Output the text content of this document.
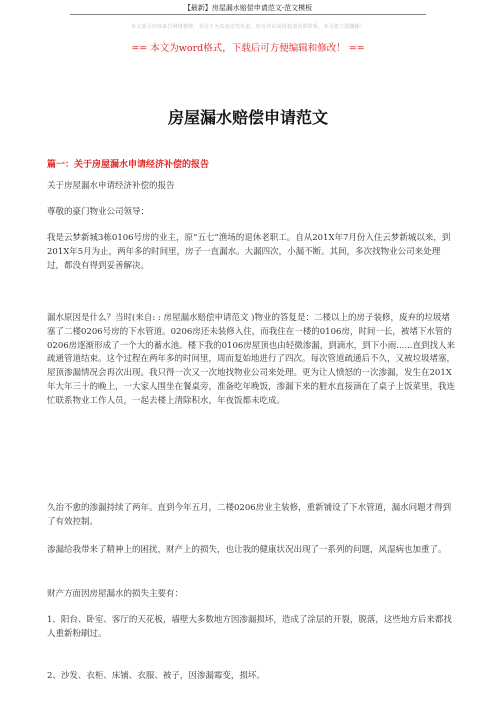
【最新】房屋漏水赔偿申请范文-范文模板
本文部分内容来自网络整理，本司不为其真实性负责，如有异议或侵权请及时联系，本司将立即删除！
== 本文为word格式，下载后可方便编辑和修改！ ==
房屋漏水赔偿申请范文
篇一：关于房屋漏水申请经济补偿的报告
关于房屋漏水申请经济补偿的报告
尊敬的豪门物业公司领导：
我是云梦新城3栋0106号房的业主，原“五七”渔场的退休老职工。自从201X年7月份入住云梦新城以来，到201X年5月为止，两年多的时间里，房子一直漏水。大漏四次，小漏不断。其间，多次找物业公司来处理过，都没有得到妥善解决。
漏水原因是什么？当时(来自: : 房屋漏水赔偿申请范文 )物业的答复是：二楼以上的房子装修，废弃的垃圾堵塞了二楼0206号房的下水管道。0206房还未装修入住，而我住在一楼的0106房，时间一长，被堵下水管的0206房逐渐形成了一个大的蓄水池。楼下我的0106房屋顶也由轻微渗漏，到滴水，到下小雨......直到找人来疏通管道结束。这个过程在两年多的时间里，周而复始地进行了四次。每次管道疏通后不久，又被垃圾堵塞，屋顶渗漏情况会再次出现。我只得一次又一次地找物业公司来处理。更为让人愤怒的一次渗漏，发生在201X年大年三十的晚上，一大家人围坐在餐桌旁，准备吃年晚饭，渗漏下来的脏水直接滴在了桌子上饭菜里，我连忙联系物业工作人员，一起去楼上清除积水，年夜饭都未吃成。
久治不愈的渗漏持续了两年。直到今年五月，二楼0206房业主装修，重新铺设了下水管道，漏水问题才得到了有效控制。
渗漏给我带来了精神上的困扰，财产上的损失，也让我的健康状况出现了一系列的问题，风湿病也加重了。
财产方面因房屋漏水的损失主要有：
1、阳台、卧室、客厅的天花板，墙壁大多数地方因渗漏损坏，造成了涂层的开裂，脱落，这些地方后来都找人重新粉刷过。
2、沙发、衣柜、床铺、衣服、被子，因渗漏霉变，损坏。
